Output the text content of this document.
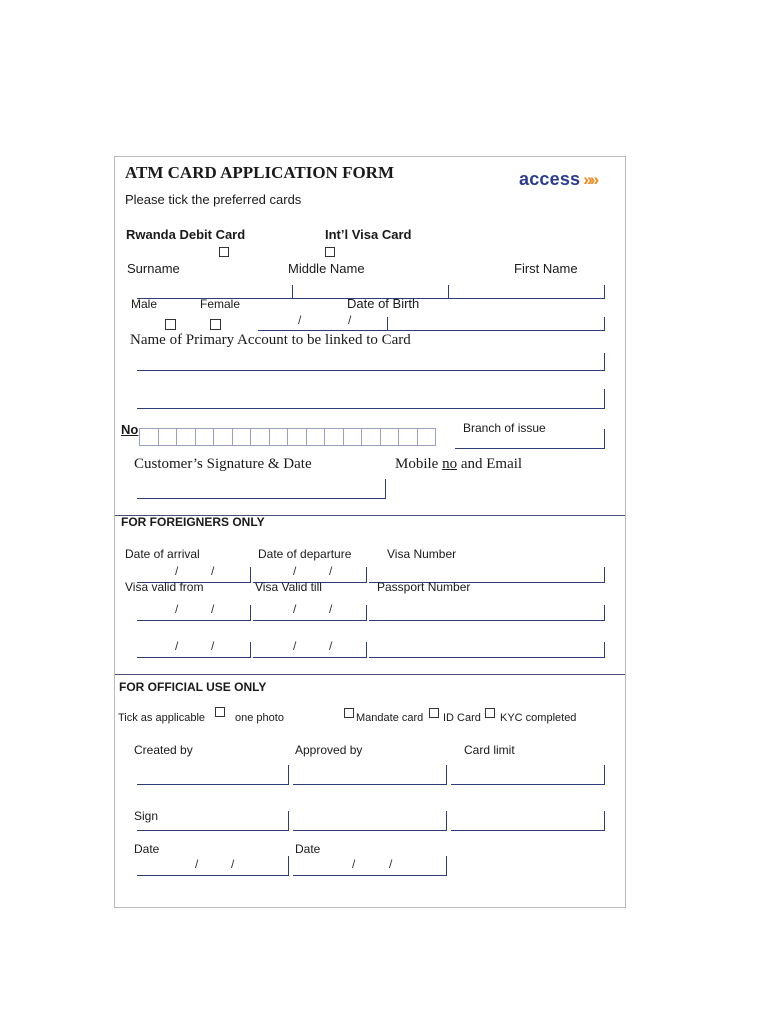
ATM CARD APPLICATION FORM	access »»
Please tick the preferred cards
Rwanda Debit Card	Int’l Visa Card
Surname	Middle Name	First Name
Male	Female	Date of Birth
/	/
Name of Primary Account to be linked to Card
No	Branch of issue
Customer’s Signature & Date	Mobile no and Email
FOR FOREIGNERS ONLY
Date of arrival	Date of departure	Visa Number
/	/	/	/
Visa valid from	Visa Valid till	Passport Number
/	/	/	/
/	/	/	/
FOR OFFICIAL USE ONLY
Tick as applicable	one photo	Mandate card ID Card KYC completed
Created by	Approved by	Card limit
Sign
Date	Date
/	/	/	/
